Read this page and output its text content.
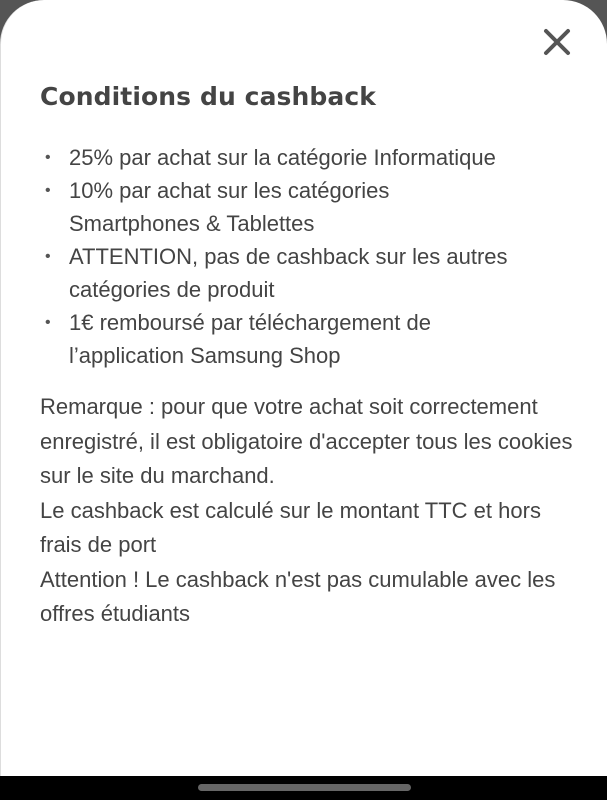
Conditions du cashback
• 25% par achat sur la catégorie Informatique
• 10% par achat sur les catégories
Smartphones & Tablettes
• ATTENTION, pas de cashback sur les autres
catégories de produit
• 1€ remboursé par téléchargement de
l’application Samsung Shop

Remarque : pour que votre achat soit correctement enregistré, il est obligatoire d'accepter tous les cookies sur le site du marchand.

Le cashback est calculé sur le montant TTC et hors frais de port

Attention ! Le cashback n'est pas cumulable avec les offres étudiants
